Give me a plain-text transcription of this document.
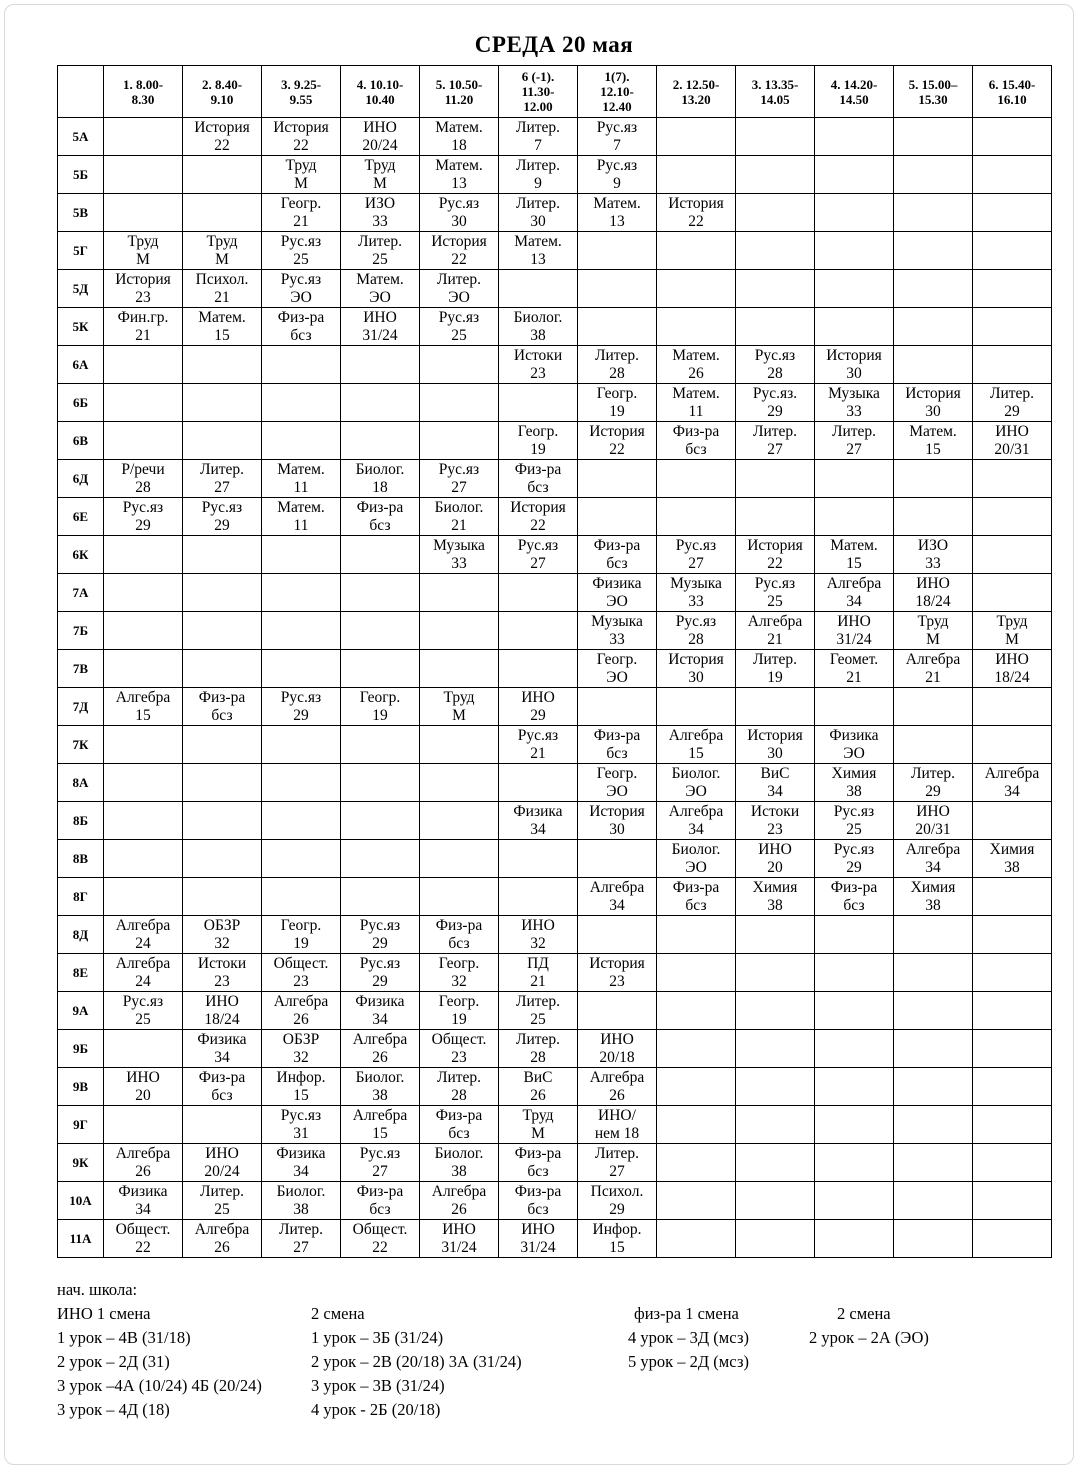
СРЕДА 20 мая
	1. 8.00-
8.30	2. 8.40-
9.10	3. 9.25-
9.55	4. 10.10-
10.40	5. 10.50-
11.20	6 (-1).
11.30-
12.00	1(7).
12.10-
12.40	2. 12.50-
13.20	3. 13.35-
14.05	4. 14.20-
14.50	5. 15.00–
15.30	6. 15.40-
16.10
5А		История
22	История
22	ИНО
20/24	Матем.
18	Литер.
7	Рус.яз
7					

5Б			Труд
М	Труд
М	Матем.
13	Литер.
9	Рус.яз
9					

5В			Геогр.
21	ИЗО
33	Рус.яз
30	Литер.
30	Матем.
13	История
22				

5Г	Труд
М	Труд
М	Рус.яз
25	Литер.
25	История
22	Матем.
13						

5Д	История
23	Психол.
21	Рус.яз
ЭО	Матем.
ЭО	Литер.
ЭО							

5К	Фин.гр.
21	Матем.
15	Физ-ра
бсз	ИНО
31/24	Рус.яз
25	Биолог.
38						

6А						Истоки
23	Литер.
28	Матем.
26	Рус.яз
28	История
30		

6Б							Геогр.
19	Матем.
11	Рус.яз.
29	Музыка
33	История
30	Литер.
29

6В						Геогр.
19	История
22	Физ-ра
бсз	Литер.
27	Литер.
27	Матем.
15	ИНО
20/31

6Д	Р/речи
28	Литер.
27	Матем.
11	Биолог.
18	Рус.яз
27	Физ-ра
бсз						

6Е	Рус.яз
29	Рус.яз
29	Матем.
11	Физ-ра
бсз	Биолог.
21	История
22						

6К					Музыка
33	Рус.яз
27	Физ-ра
бсз	Рус.яз
27	История
22	Матем.
15	ИЗО
33	

7А							Физика
ЭО	Музыка
33	Рус.яз
25	Алгебра
34	ИНО
18/24	

7Б							Музыка
33	Рус.яз
28	Алгебра
21	ИНО
31/24	Труд
М	Труд
М

7В							Геогр.
ЭО	История
30	Литер.
19	Геомет.
21	Алгебра
21	ИНО
18/24

7Д	Алгебра
15	Физ-ра
бсз	Рус.яз
29	Геогр.
19	Труд
М	ИНО
29						

7К						Рус.яз
21	Физ-ра
бсз	Алгебра
15	История
30	Физика
ЭО		

8А							Геогр.
ЭО	Биолог.
ЭО	ВиС
34	Химия
38	Литер.
29	Алгебра
34

8Б						Физика
34	История
30	Алгебра
34	Истоки
23	Рус.яз
25	ИНО
20/31	

8В								Биолог.
ЭО	ИНО
20	Рус.яз
29	Алгебра
34	Химия
38

8Г							Алгебра
34	Физ-ра
бсз	Химия
38	Физ-ра
бсз	Химия
38	

8Д	Алгебра
24	ОБЗР
32	Геогр.
19	Рус.яз
29	Физ-ра
бсз	ИНО
32						

8Е	Алгебра
24	Истоки
23	Общест.
23	Рус.яз
29	Геогр.
32	ПД
21	История
23					

9А	Рус.яз
25	ИНО
18/24	Алгебра
26	Физика
34	Геогр.
19	Литер.
25						

9Б		Физика
34	ОБЗР
32	Алгебра
26	Общест.
23	Литер.
28	ИНО
20/18					

9В	ИНО
20	Физ-ра
бсз	Инфор.
15	Биолог.
38	Литер.
28	ВиС
26	Алгебра
26					

9Г			Рус.яз
31	Алгебра
15	Физ-ра
бсз	Труд
М	ИНО/
нем 18					

9К	Алгебра
26	ИНО
20/24	Физика
34	Рус.яз
27	Биолог.
38	Физ-ра
бсз	Литер.
27					

10А	Физика
34	Литер.
25	Биолог.
38	Физ-ра
бсз	Алгебра
26	Физ-ра
бсз	Психол.
29					

11А	Общест.
22	Алгебра
26	Литер.
27	Общест.
22	ИНО
31/24	ИНО
31/24	Инфор.
15					

нач. школа:
ИНО 1 смена
1 урок – 4В (31/18)
2 урок – 2Д (31)
3 урок –4А (10/24) 4Б (20/24)
3 урок – 4Д (18)
2 смена
1 урок – 3Б (31/24)
2 урок – 2В (20/18) 3А (31/24)
3 урок – 3В (31/24)
4 урок - 2Б (20/18)
физ-ра 1 смена
4 урок – 3Д (мсз)
5 урок – 2Д (мсз)
2 смена
2 урок – 2А (ЭО)
